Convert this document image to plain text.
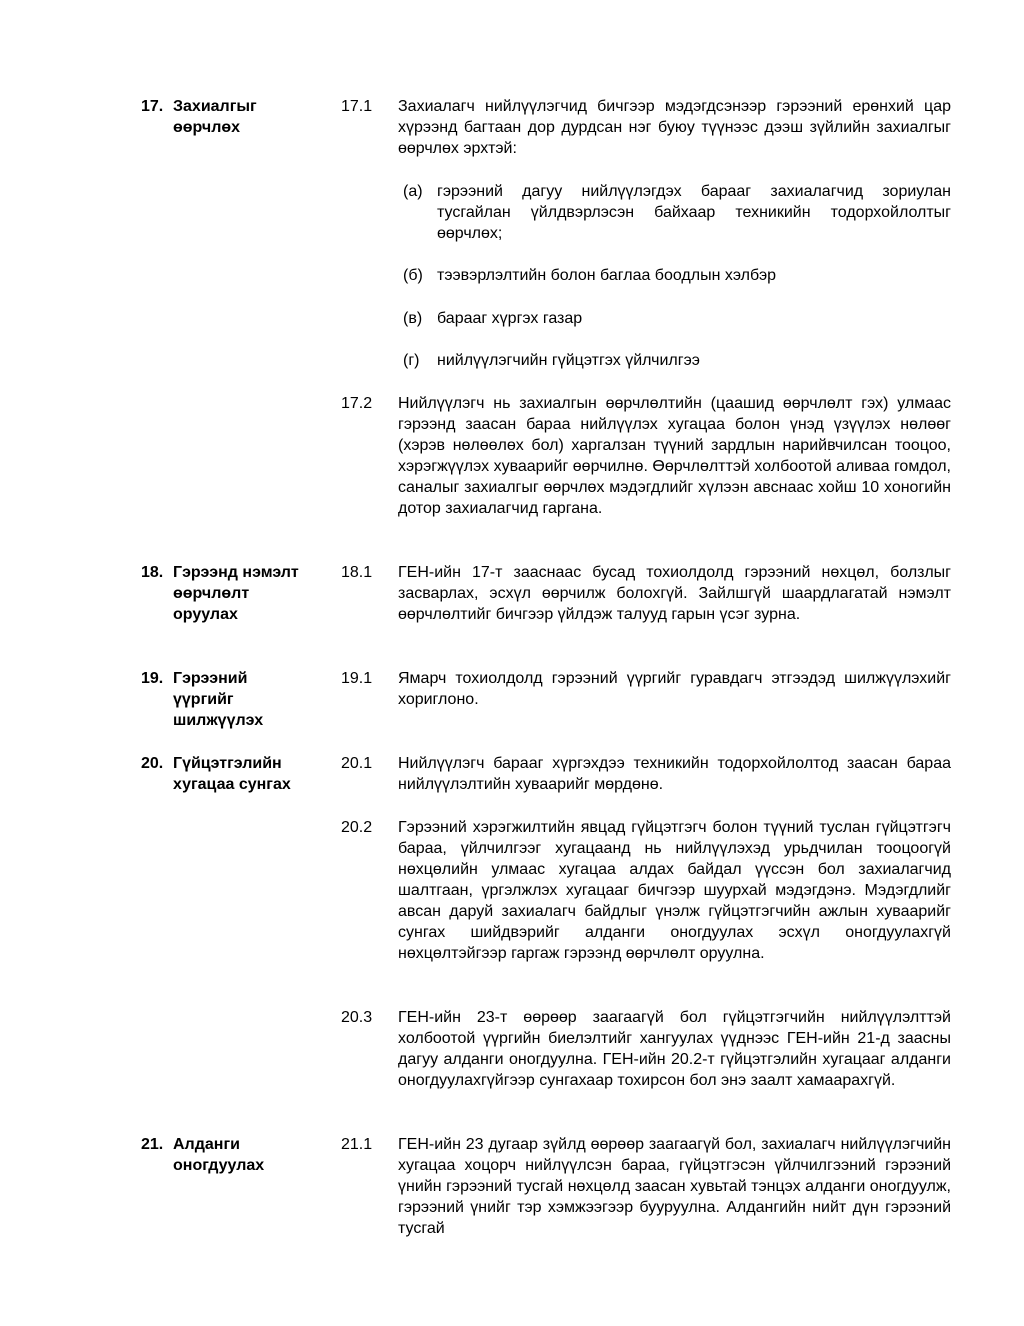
17. Захиалгыг
өөрчлөх
17.1	Захиалагч нийлүүлэгчид бичгээр мэдэгдсэнээр гэрээний ерөнхий цар хүрээнд багтаан дор дурдсан нэг буюу түүнээс дээш зүйлийн захиалгыг өөрчлөх эрхтэй:
(а) гэрээний дагуу нийлүүлэгдэх барааг захиалагчид зориулан тусгайлан үйлдвэрлэсэн байхаар техникийн тодорхойлолтыг өөрчлөх;
(б) тээвэрлэлтийн болон баглаа боодлын хэлбэр
(в) барааг хүргэх газар
(г)	нийлүүлэгчийн гүйцэтгэх үйлчилгээ
17.2	Нийлүүлэгч нь захиалгын өөрчлөлтийн (цаашид өөрчлөлт гэх) улмаас гэрээнд заасан бараа нийлүүлэх хугацаа болон үнэд үзүүлэх нөлөөг (хэрэв нөлөөлөх бол) харгалзан түүний зардлын нарийвчилсан тооцоо, хэрэгжүүлэх хуваарийг өөрчилнө. Өөрчлөлттэй холбоотой аливаа гомдол, саналыг захиалгыг өөрчлөх мэдэгдлийг хүлээн авснаас хойш 10 хоногийн дотор захиалагчид гаргана.
18. Гэрээнд нэмэлт
өөрчлөлт
оруулах
18.1	ГЕН-ийн 17-т зааснаас бусад тохиолдолд гэрээний нөхцөл, болзлыг засварлах, эсхүл өөрчилж болохгүй. Зайлшгүй шаардлагатай нэмэлт өөрчлөлтийг бичгээр үйлдэж талууд гарын үсэг зурна.
19. Гэрээний
үүргийг
шилжүүлэх
19.1	Ямарч тохиолдолд гэрээний үүргийг гуравдагч этгээдэд шилжүүлэхийг хориглоно.
20. Гүйцэтгэлийн
хугацаа сунгах
20.1	Нийлүүлэгч барааг хүргэхдээ техникийн тодорхойлолтод заасан бараа нийлүүлэлтийн хуваарийг мөрдөнө.
20.2	Гэрээний хэрэгжилтийн явцад гүйцэтгэгч болон түүний туслан гүйцэтгэгч бараа, үйлчилгээг хугацаанд нь нийлүүлэхэд урьдчилан тооцоогүй нөхцөлийн улмаас хугацаа алдах байдал үүссэн бол захиалагчид шалтгаан, үргэлжлэх хугацааг бичгээр шуурхай мэдэгдэнэ. Мэдэгдлийг авсан даруй захиалагч байдлыг үнэлж гүйцэтгэгчийн ажлын хуваарийг сунгах шийдвэрийг алданги оногдуулах эсхүл оногдуулахгүй нөхцөлтэйгээр гаргаж гэрээнд өөрчлөлт оруулна.
20.3	ГЕН-ийн 23-т өөрөөр заагаагүй бол гүйцэтгэгчийн нийлүүлэлттэй холбоотой үүргийн биелэлтийг хангуулах үүднээс ГЕН-ийн 21-д заасны дагуу алданги оногдуулна. ГЕН-ийн 20.2-т гүйцэтгэлийн хугацааг алданги оногдуулахгүйгээр сунгахаар тохирсон бол энэ заалт хамаарахгүй.
21. Алданги
оногдуулах
21.1	ГЕН-ийн 23 дугаар зүйлд өөрөөр заагаагүй бол, захиалагч нийлүүлэгчийн хугацаа хоцорч нийлүүлсэн бараа, гүйцэтгэсэн үйлчилгээний гэрээний үнийн гэрээний тусгай нөхцөлд заасан хувьтай тэнцэх алданги оногдуулж, гэрээний үнийг тэр хэмжээгээр бууруулна. Алдангийн нийт дүн гэрээний тусгай
